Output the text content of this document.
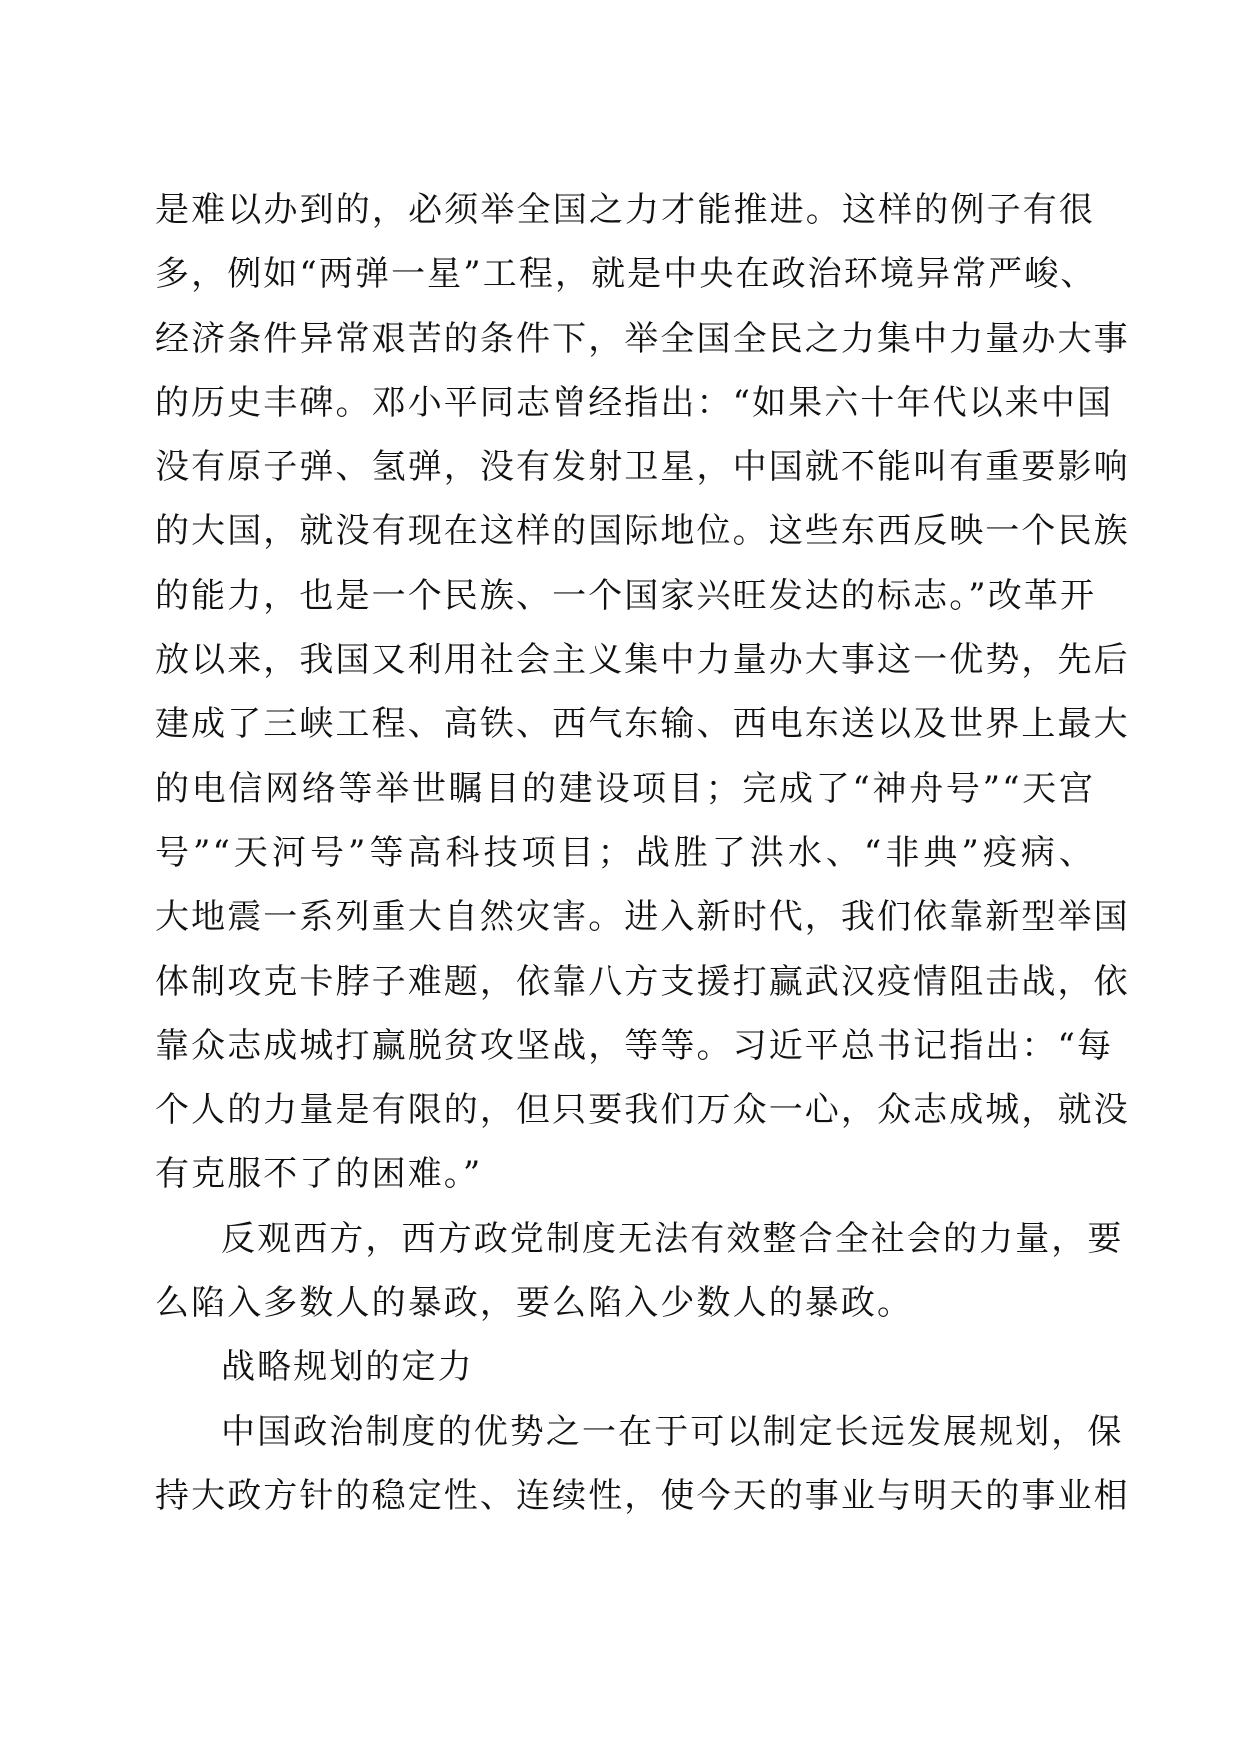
是难以办到的，必须举全国之力才能推进。这样的例子有很
多，例如“两弹一星”工程，就是中央在政治环境异常严峻、
经济条件异常艰苦的条件下，举全国全民之力集中力量办大事
的历史丰碑。邓小平同志曾经指出：“如果六十年代以来中国
没有原子弹、氢弹，没有发射卫星，中国就不能叫有重要影响
的大国，就没有现在这样的国际地位。这些东西反映一个民族
的能力，也是一个民族、一个国家兴旺发达的标志。”改革开
放以来，我国又利用社会主义集中力量办大事这一优势，先后
建成了三峡工程、高铁、西气东输、西电东送以及世界上最大
的电信网络等举世瞩目的建设项目；完成了“神舟号”“天宫
号”“天河号”等高科技项目；战胜了洪水、“非典”疫病、
大地震一系列重大自然灾害。进入新时代，我们依靠新型举国
体制攻克卡脖子难题，依靠八方支援打赢武汉疫情阻击战，依
靠众志成城打赢脱贫攻坚战，等等。习近平总书记指出：“每
个人的力量是有限的，但只要我们万众一心，众志成城，就没
有克服不了的困难。”
反观西方，西方政党制度无法有效整合全社会的力量，要
么陷入多数人的暴政，要么陷入少数人的暴政。
战略规划的定力
中国政治制度的优势之一在于可以制定长远发展规划，保
持大政方针的稳定性、连续性，使今天的事业与明天的事业相
